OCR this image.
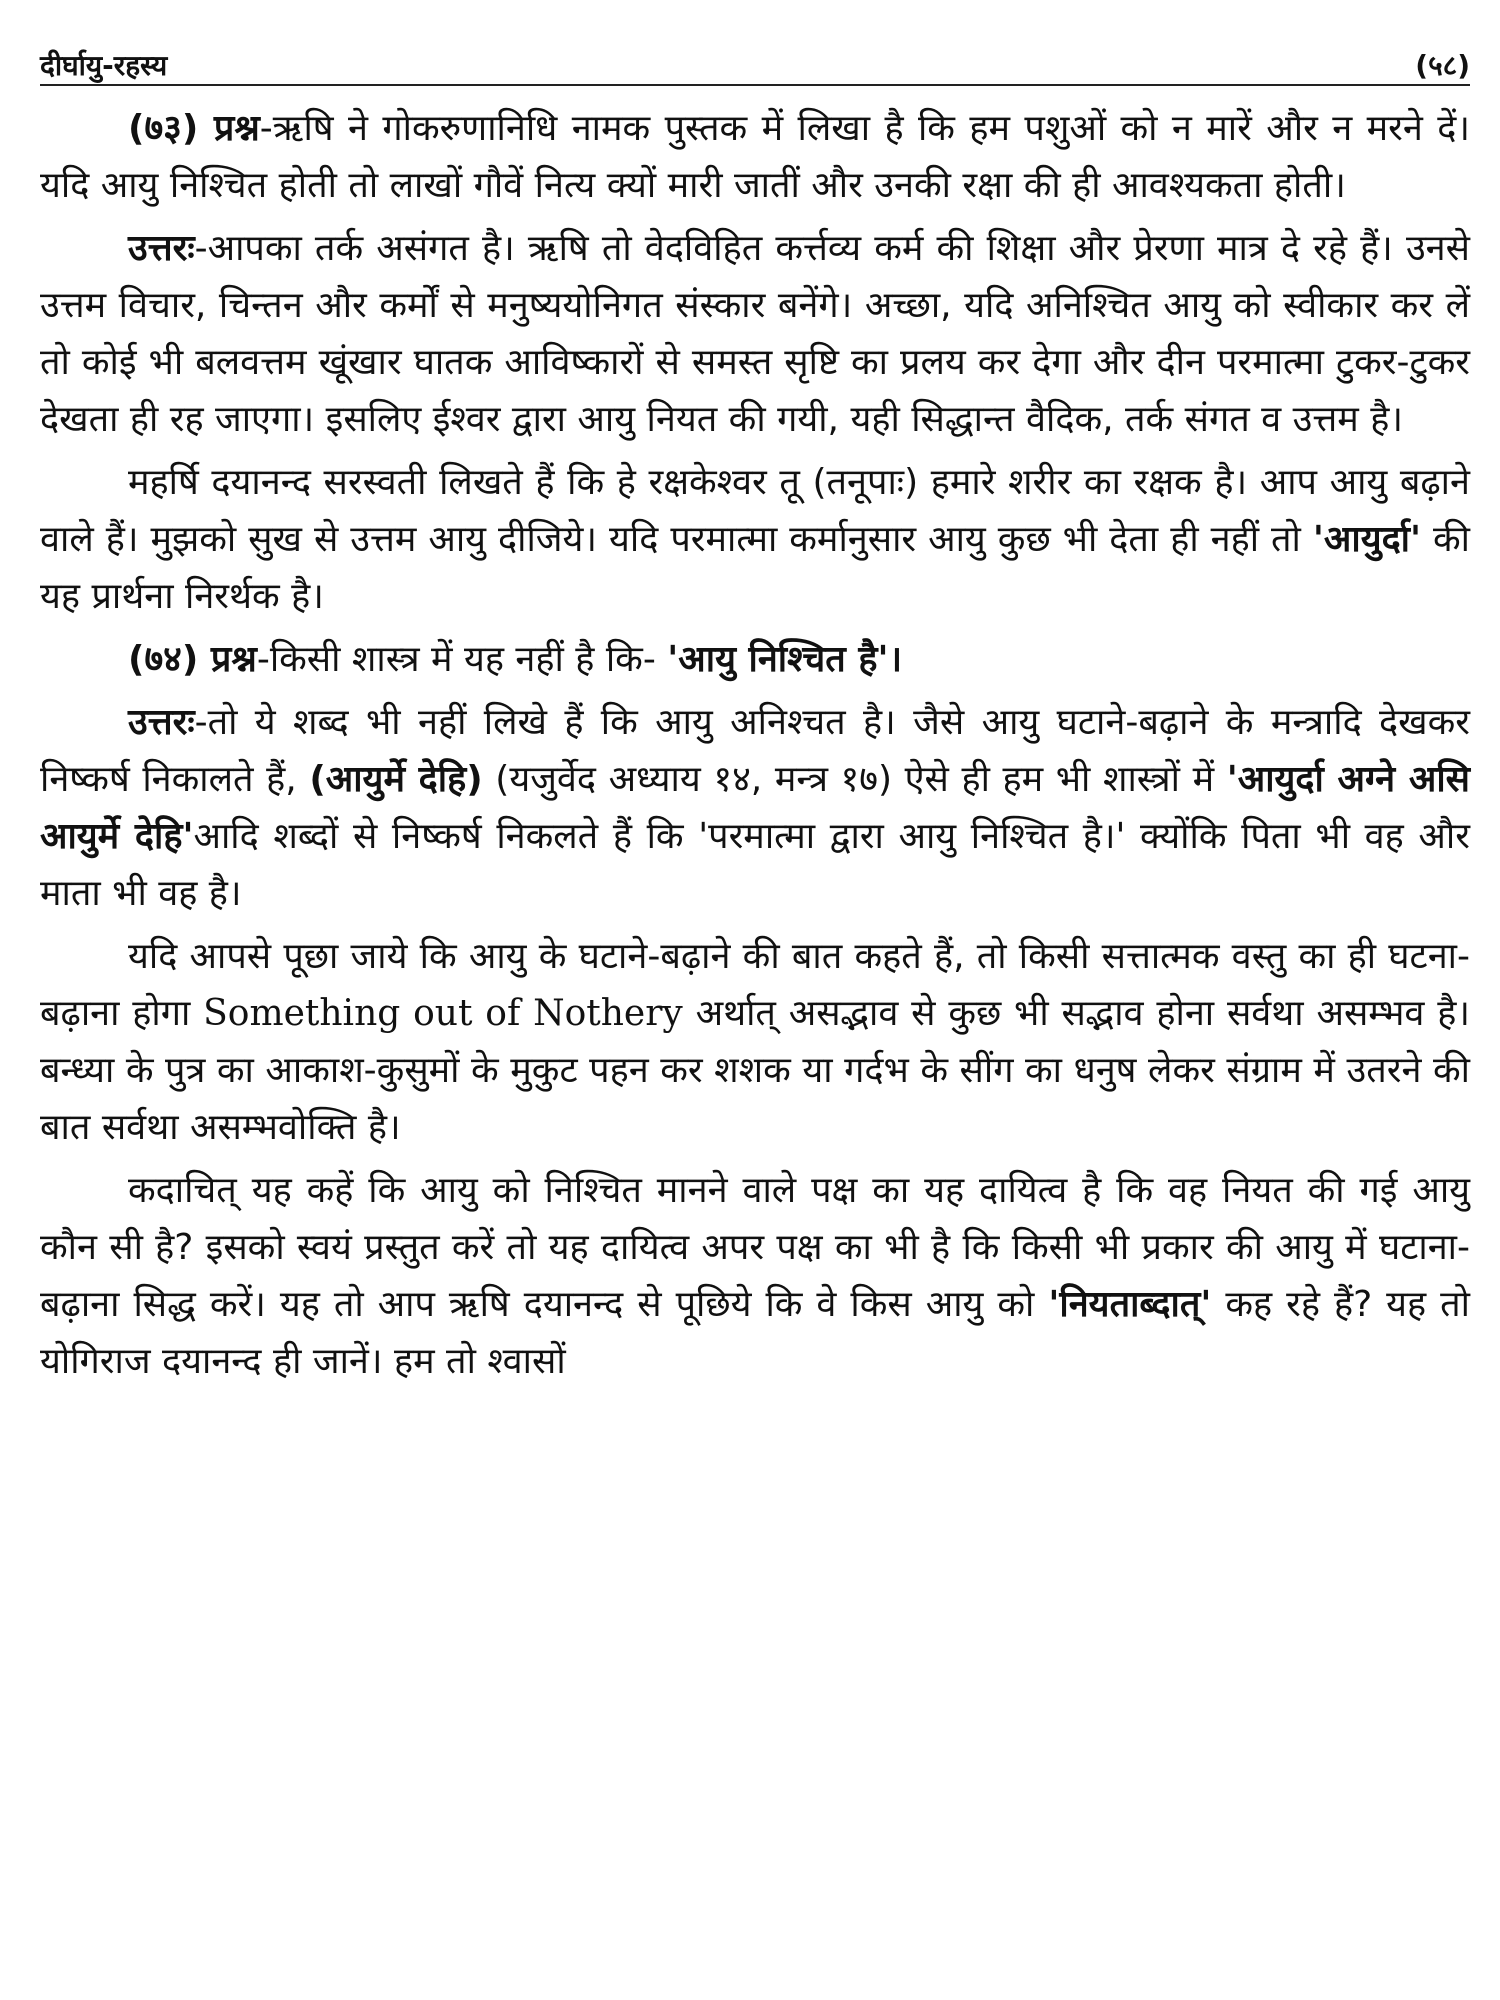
दीर्घायु-रहस्य	(५८)

(७३) प्रश्न-ऋषि ने गोकरुणानिधि नामक पुस्तक में लिखा है कि हम पशुओं को न मारें और न मरने दें। यदि आयु निश्चित होती तो लाखों गौवें नित्य क्यों मारी जातीं और उनकी रक्षा की ही आवश्यकता होती।

उत्तरः-आपका तर्क असंगत है। ऋषि तो वेदविहित कर्त्तव्य कर्म की शिक्षा और प्रेरणा मात्र दे रहे हैं। उनसे उत्तम विचार, चिन्तन और कर्मों से मनुष्ययोनिगत संस्कार बनेंगे। अच्छा, यदि अनिश्चित आयु को स्वीकार कर लें तो कोई भी बलवत्तम खूंखार घातक आविष्कारों से समस्त सृष्टि का प्रलय कर देगा और दीन परमात्मा टुकर-टुकर देखता ही रह जाएगा। इसलिए ईश्वर द्वारा आयु नियत की गयी, यही सिद्धान्त वैदिक, तर्क संगत व उत्तम है।

महर्षि दयानन्द सरस्वती लिखते हैं कि हे रक्षकेश्वर तू (तनूपाः) हमारे शरीर का रक्षक है। आप आयु बढ़ाने वाले हैं। मुझको सुख से उत्तम आयु दीजिये। यदि परमात्मा कर्मानुसार आयु कुछ भी देता ही नहीं तो 'आयुर्दा' की यह प्रार्थना निरर्थक है।

(७४) प्रश्न-किसी शास्त्र में यह नहीं है कि- 'आयु निश्चित है'।

उत्तरः-तो ये शब्द भी नहीं लिखे हैं कि आयु अनिश्चत है। जैसे आयु घटाने-बढ़ाने के मन्त्रादि देखकर निष्कर्ष निकालते हैं, (आयुर्मे देहि) (यजुर्वेद अध्याय १४, मन्त्र १७) ऐसे ही हम भी शास्त्रों में 'आयुर्दा अग्ने असि आयुर्मे देहि'आदि शब्दों से निष्कर्ष निकलते हैं कि 'परमात्मा द्वारा आयु निश्चित है।' क्योंकि पिता भी वह और माता भी वह है।

यदि आपसे पूछा जाये कि आयु के घटाने-बढ़ाने की बात कहते हैं, तो किसी सत्तात्मक वस्तु का ही घटना-बढ़ाना होगा Something out of Nothery अर्थात् असद्भाव से कुछ भी सद्भाव होना सर्वथा असम्भव है। बन्ध्या के पुत्र का आकाश-कुसुमों के मुकुट पहन कर शशक या गर्दभ के सींग का धनुष लेकर संग्राम में उतरने की बात सर्वथा असम्भवोक्ति है।

कदाचित् यह कहें कि आयु को निश्चित मानने वाले पक्ष का यह दायित्व है कि वह नियत की गई आयु कौन सी है? इसको स्वयं प्रस्तुत करें तो यह दायित्व अपर पक्ष का भी है कि किसी भी प्रकार की आयु में घटाना-बढ़ाना सिद्ध करें। यह तो आप ऋषि दयानन्द से पूछिये कि वे किस आयु को 'नियताब्दात्' कह रहे हैं? यह तो योगिराज दयानन्द ही जानें। हम तो श्वासों
